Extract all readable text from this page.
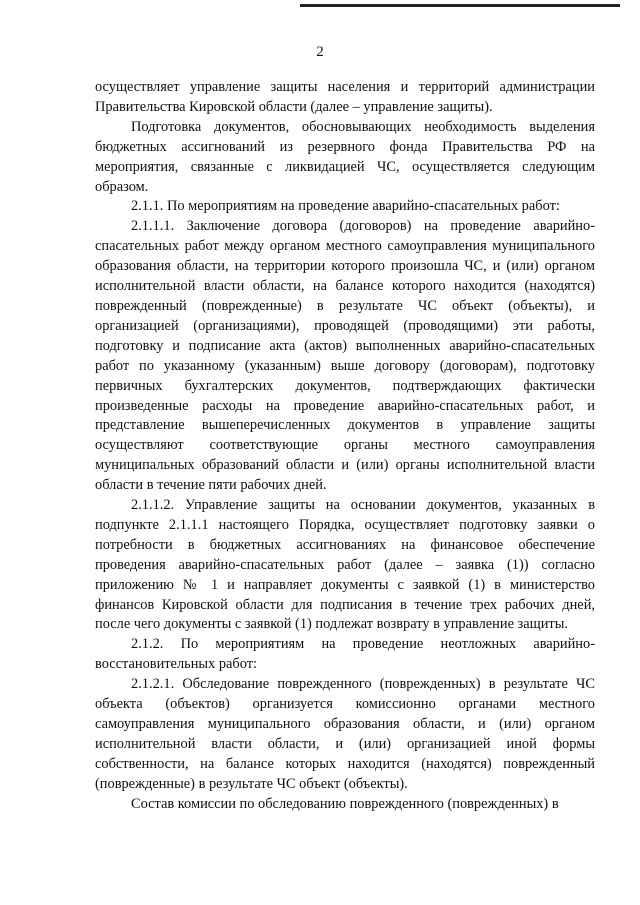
2

осуществляет управление защиты населения и территорий администрации Правительства Кировской области (далее – управление защиты).

Подготовка документов, обосновывающих необходимость выделения бюджетных ассигнований из резервного фонда Правительства РФ на мероприятия, связанные с ликвидацией ЧС, осуществляется следующим образом.

2.1.1. По мероприятиям на проведение аварийно-спасательных работ:

2.1.1.1. Заключение договора (договоров) на проведение аварийно-спасательных работ между органом местного самоуправления муниципального образования области, на территории которого произошла ЧС, и (или) органом исполнительной власти области, на балансе которого находится (находятся) поврежденный (поврежденные) в результате ЧС объект (объекты), и организацией (организациями), проводящей (проводящими) эти работы, подготовку и подписание акта (актов) выполненных аварийно-спасательных работ по указанному (указанным) выше договору (договорам), подготовку первичных бухгалтерских документов, подтверждающих фактически произведенные расходы на проведение аварийно-спасательных работ, и представление вышеперечисленных документов в управление защиты осуществляют соответствующие органы местного самоуправления муниципальных образований области и (или) органы исполнительной власти области в течение пяти рабочих дней.

2.1.1.2. Управление защиты на основании документов, указанных в подпункте 2.1.1.1 настоящего Порядка, осуществляет подготовку заявки о потребности в бюджетных ассигнованиях на финансовое обеспечение проведения аварийно-спасательных работ (далее – заявка (1)) согласно приложению № 1 и направляет документы с заявкой (1) в министерство финансов Кировской области для подписания в течение трех рабочих дней, после чего документы с заявкой (1) подлежат возврату в управление защиты.

2.1.2. По мероприятиям на проведение неотложных аварийно-восстановительных работ:

2.1.2.1. Обследование поврежденного (поврежденных) в результате ЧС объекта (объектов) организуется комиссионно органами местного самоуправления муниципального образования области, и (или) органом исполнительной власти области, и (или) организацией иной формы собственности, на балансе которых находится (находятся) поврежденный (поврежденные) в результате ЧС объект (объекты).

Состав комиссии по обследованию поврежденного (поврежденных) в
